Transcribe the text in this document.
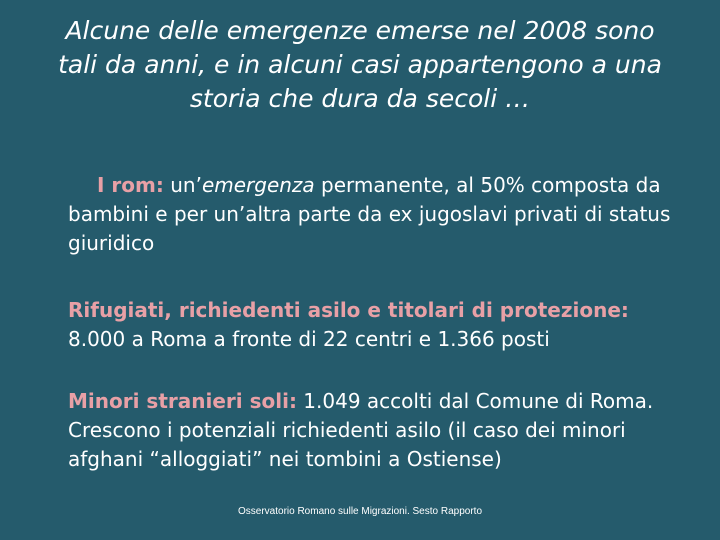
Alcune delle emergenze emerse nel 2008 sono
tali da anni, e in alcuni casi appartengono a una
storia che dura da secoli …
I rom: un’emergenza permanente, al 50% composta da bambini e per un’altra parte da ex jugoslavi privati di status giuridico
Rifugiati, richiedenti asilo e titolari di protezione:
8.000 a Roma a fronte di 22 centri e 1.366 posti
Minori stranieri soli: 1.049 accolti dal Comune di Roma. Crescono i potenziali richiedenti asilo (il caso dei minori afghani “alloggiati” nei tombini a Ostiense)
Osservatorio Romano sulle Migrazioni. Sesto Rapporto
